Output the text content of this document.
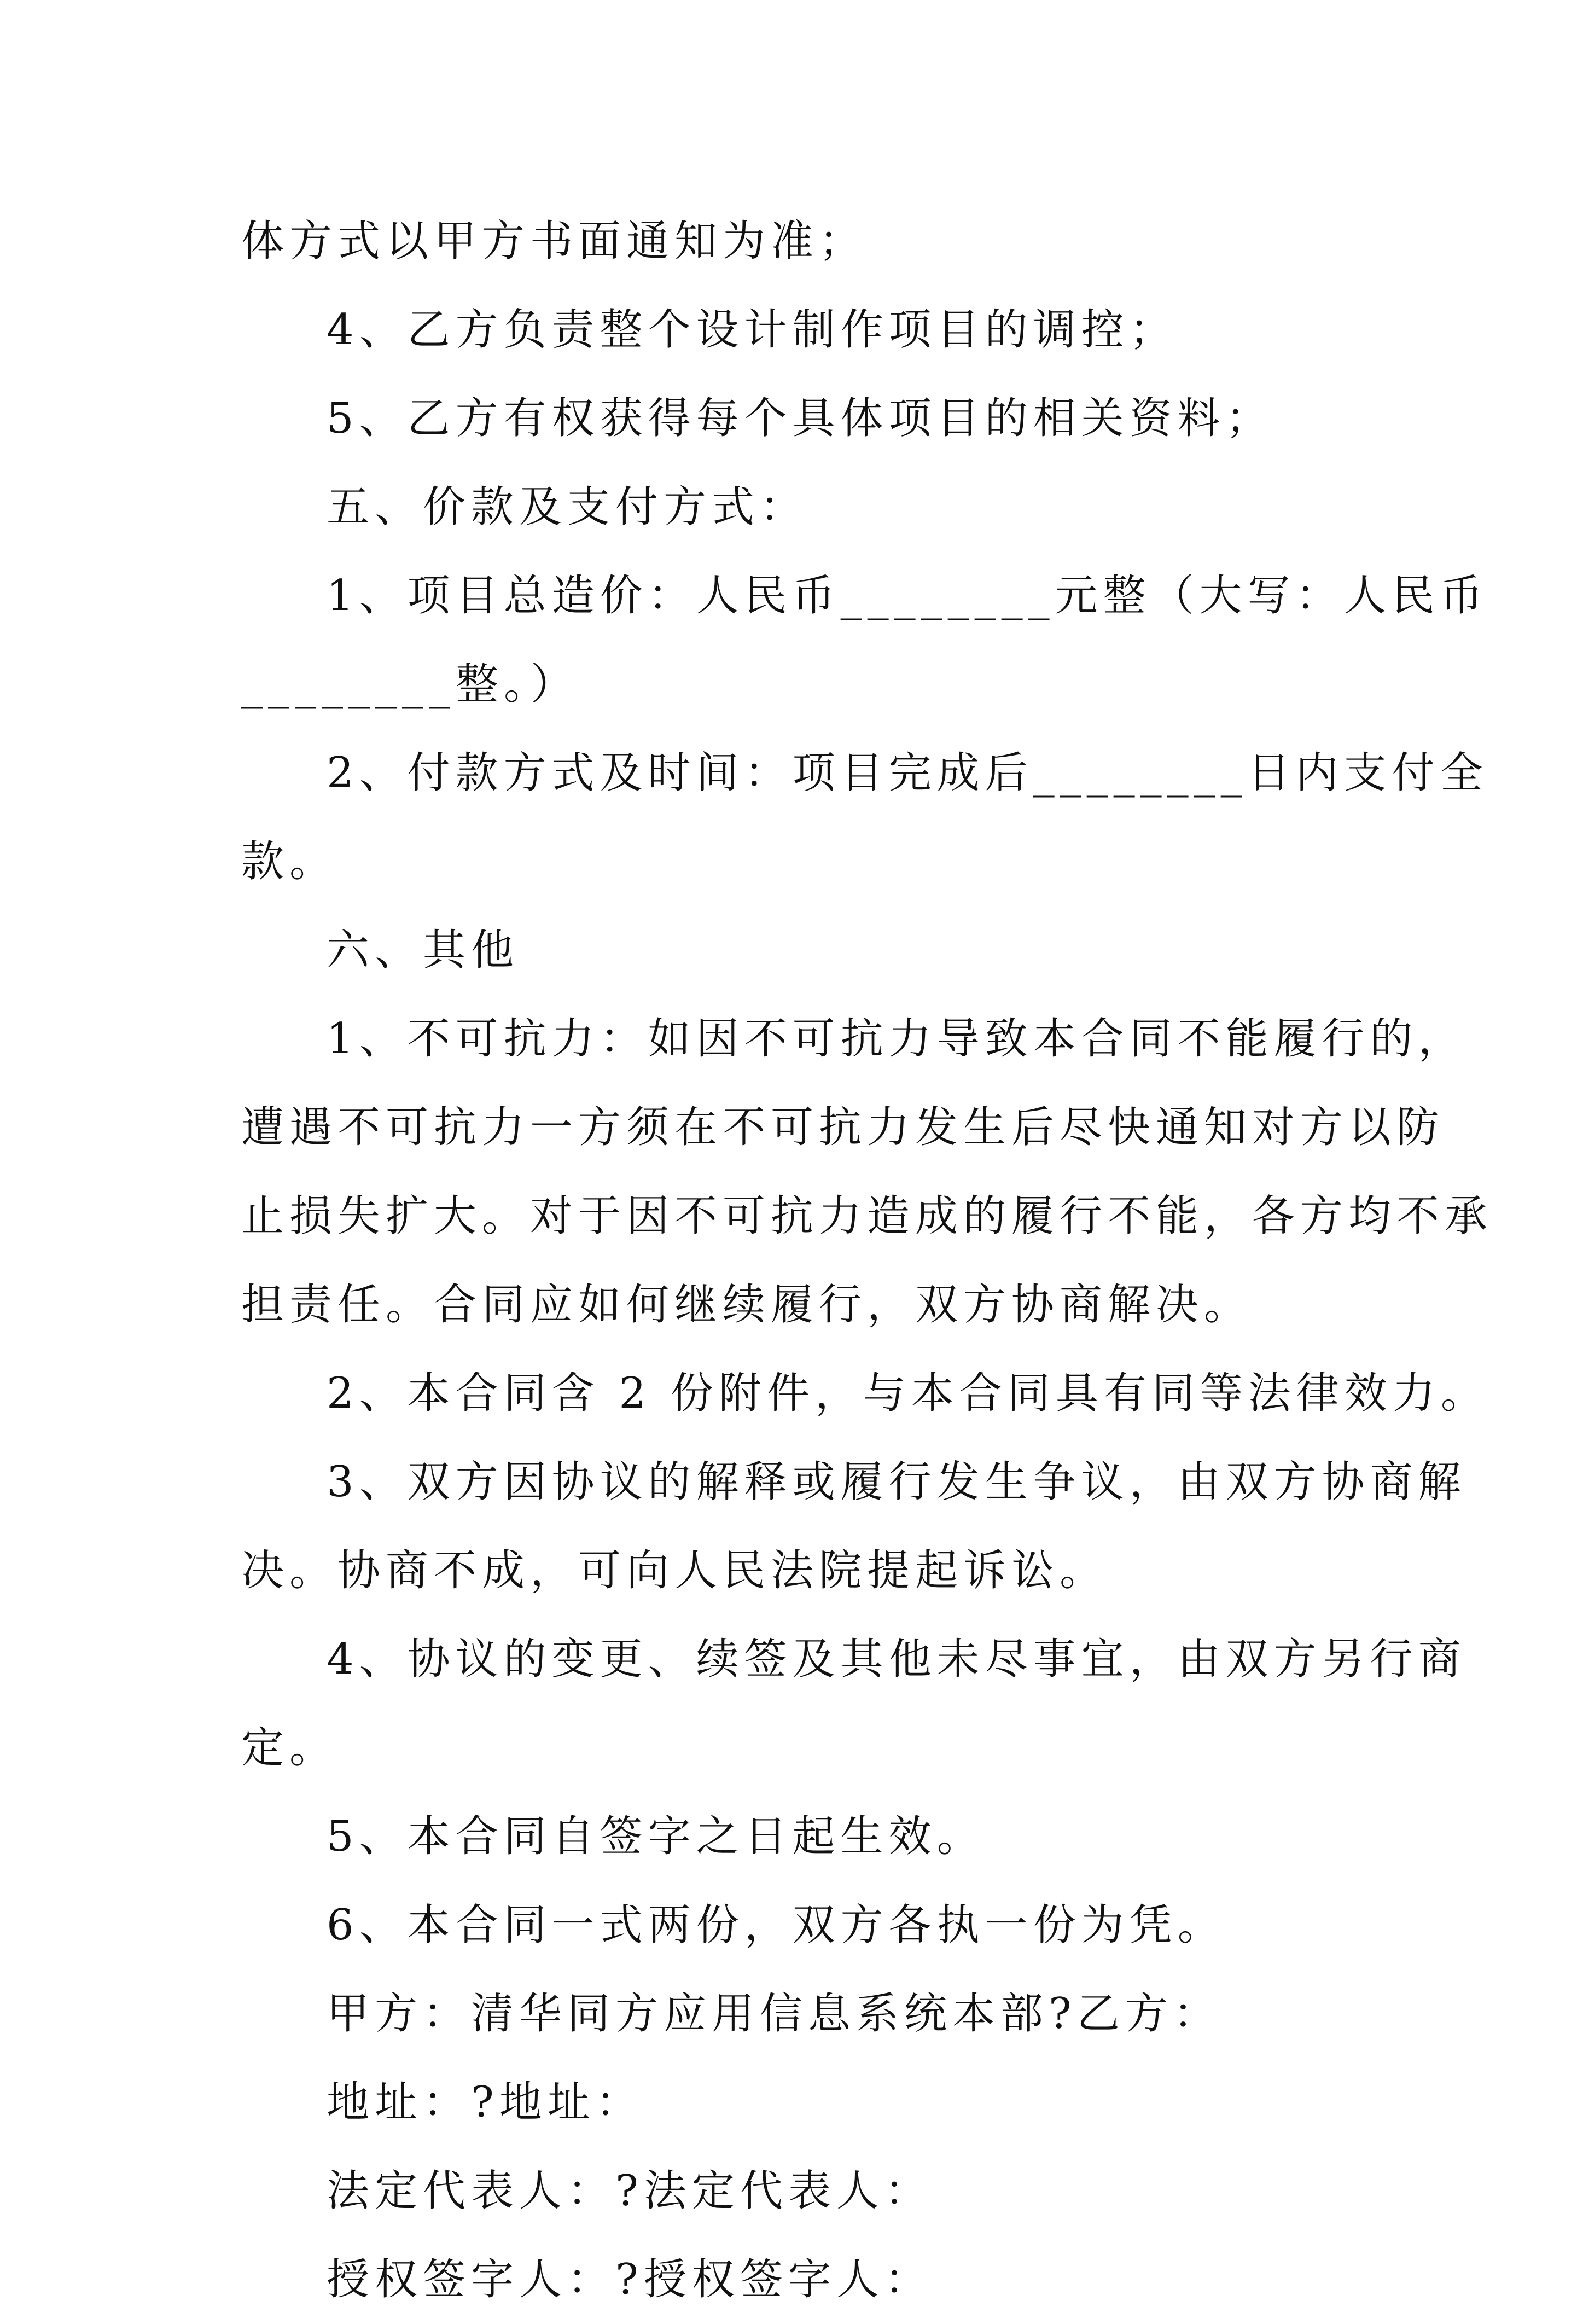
体方式以甲方书面通知为准；

4、乙方负责整个设计制作项目的调控；

5、乙方有权获得每个具体项目的相关资料；

五、价款及支付方式：

1、项目总造价：人民币________元整（大写：人民币

________整。）

2、付款方式及时间：项目完成后________日内支付全

款。

六、其他

1、不可抗力：如因不可抗力导致本合同不能履行的，

遭遇不可抗力一方须在不可抗力发生后尽快通知对方以防

止损失扩大。对于因不可抗力造成的履行不能，各方均不承

担责任。合同应如何继续履行，双方协商解决。

2、本合同含 2 份附件，与本合同具有同等法律效力。

3、双方因协议的解释或履行发生争议，由双方协商解

决。协商不成，可向人民法院提起诉讼。

4、协议的变更、续签及其他未尽事宜，由双方另行商

定。

5、本合同自签字之日起生效。

6、本合同一式两份，双方各执一份为凭。

甲方：清华同方应用信息系统本部?乙方：

地址：?地址：

法定代表人：?法定代表人：

授权签字人：?授权签字人：
